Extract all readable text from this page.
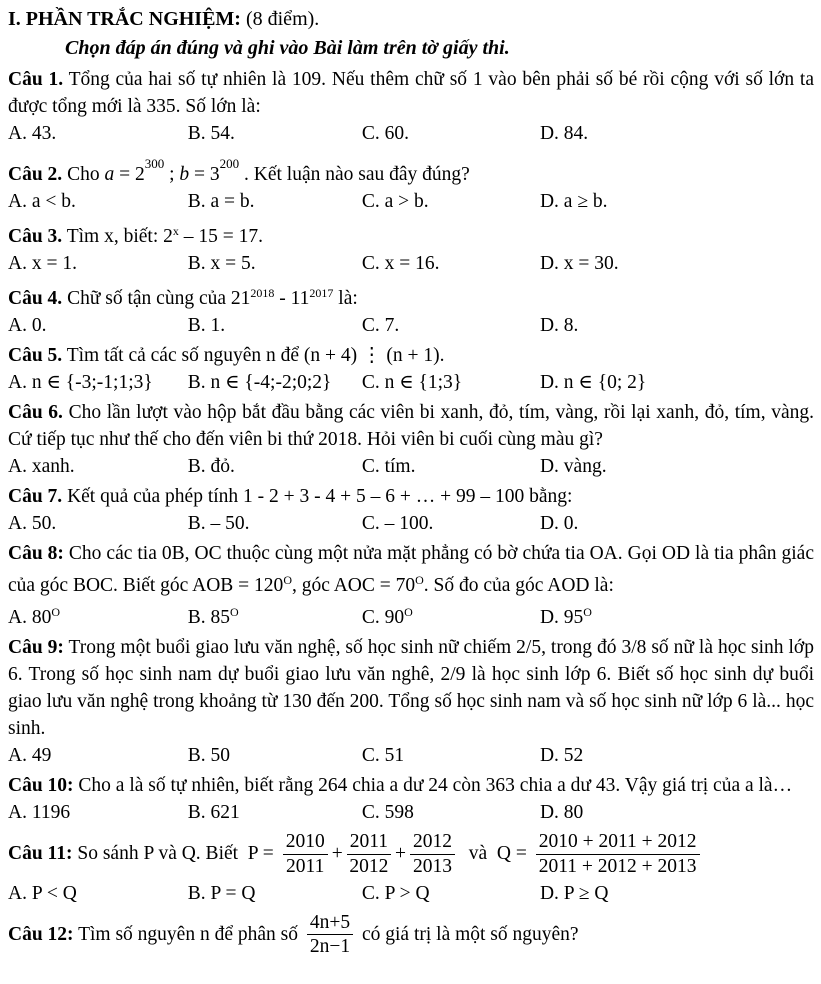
I. PHẦN TRẮC NGHIỆM: (8 điểm).
Chọn đáp án đúng và ghi vào Bài làm trên tờ giấy thi.
Câu 1. Tổng của hai số tự nhiên là 109. Nếu thêm chữ số 1 vào bên phải số bé rồi cộng với số lớn ta được tổng mới là 335. Số lớn là:
A. 43.	B. 54.	C. 60.	D. 84.
Câu 2. Cho $a = 2^{300}$ ; $b = 3^{200}$ . Kết luận nào sau đây đúng?
A. a < b.	B. a = b.	C. a > b.	D. a ≥ b.
Câu 3. Tìm x, biết: 2$^x$ – 15 = 17.
A. x = 1.	B. x = 5.	C. x = 16.	D. x = 30.
Câu 4. Chữ số tận cùng của $21^{2018} - 11^{2017}$ là:
A. 0.	B. 1.	C. 7.	D. 8.
Câu 5. Tìm tất cả các số nguyên n để (n + 4) ⋮ (n + 1).
A. n ∈ {-3;-1;1;3}	B. n ∈ {-4;-2;0;2}	C. n ∈ {1;3}	D. n ∈ {0; 2}
Câu 6. Cho lần lượt vào hộp bắt đầu bằng các viên bi xanh, đỏ, tím, vàng, rồi lại xanh, đỏ, tím, vàng. Cứ tiếp tục như thế cho đến viên bi thứ 2018. Hỏi viên bi cuối cùng màu gì?
A. xanh.	B. đỏ.	C. tím.	D. vàng.
Câu 7. Kết quả của phép tính 1 - 2 + 3 - 4 + 5 – 6 + … + 99 – 100 bằng:
A. 50.	B. – 50.	C. – 100.	D. 0.
Câu 8: Cho các tia 0B, OC thuộc cùng một nửa mặt phẳng có bờ chứa tia OA. Gọi OD là tia phân giác của góc BOC. Biết góc AOB = $120^O$, góc AOC = $70^O$. Số đo của góc AOD là:
A. $80^O$	B. $85^O$	C. $90^O$	D. $95^O$
Câu 9: Trong một buổi giao lưu văn nghệ, số học sinh nữ chiếm 2/5, trong đó 3/8 số nữ là học sinh lớp 6. Trong số học sinh nam dự buổi giao lưu văn nghê, 2/9 là học sinh lớp 6. Biết số học sinh dự buổi giao lưu văn nghệ trong khoảng từ 130 đến 200. Tổng số học sinh nam và số học sinh nữ lớp 6 là... học sinh.
A. 49	B. 50	C. 51	D. 52
Câu 10: Cho a là số tự nhiên, biết rằng 264 chia a dư 24 còn 363 chia a dư 43. Vậy giá trị của a là…
A. 1196	B. 621	C. 598	D. 80
Câu 11: So sánh P và Q. Biết  $P = \frac{2010}{2011} + \frac{2011}{2012} + \frac{2012}{2013}$ và  $Q = \frac{2010 + 2011 + 2012}{2011 + 2012 + 2013}$
A. P < Q	B. P = Q	C. P > Q	D. P ≥ Q
Câu 12: Tìm số nguyên n để phân số $\frac{4n+5}{2n-1}$ có giá trị là một số nguyên?
